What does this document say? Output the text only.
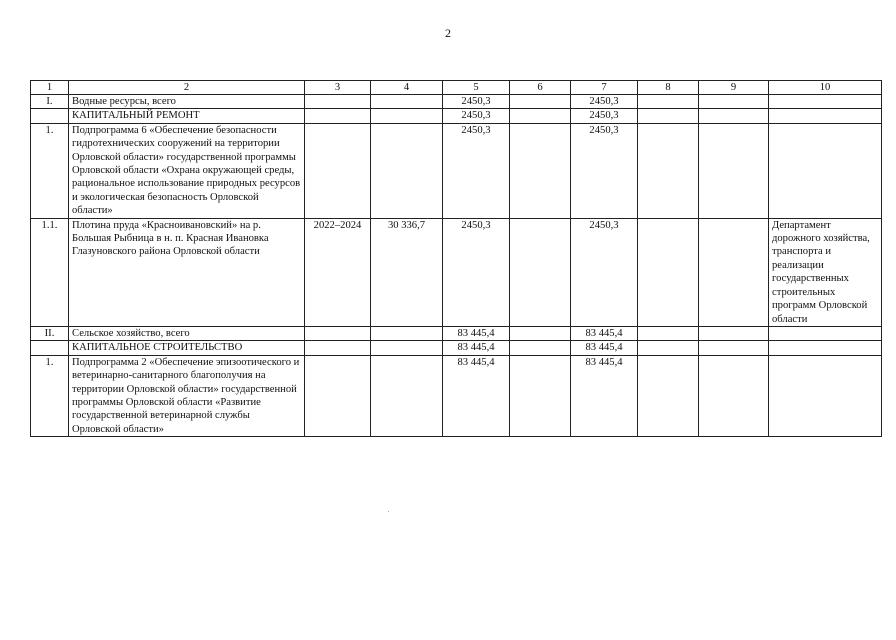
2
1	2	3	4	5	6	7	8	9	10
I.	Водные ресурсы, всего			2450,3		2450,3			
	КАПИТАЛЬНЫЙ РЕМОНТ			2450,3		2450,3			
1.	Подпрограмма 6 «Обеспечение безопасности гидротехнических сооружений на территории Орловской области» государственной программы Орловской области «Охрана окружающей среды, рациональное использование природных ресурсов и экологическая безопасность Орловской области»			2450,3		2450,3			
1.1.	Плотина пруда «Красноивановский» на р. Большая Рыбница в н. п. Красная Ивановка Глазуновского района Орловской области	2022–2024	30 336,7	2450,3		2450,3			Департамент дорожного хозяйства, транспорта и реализации государственных строительных программ Орловской области
II.	Сельское хозяйство, всего			83 445,4		83 445,4			
	КАПИТАЛЬНОЕ СТРОИТЕЛЬСТВО			83 445,4		83 445,4			
1.	Подпрограмма 2 «Обеспечение эпизоотического и ветеринарно-санитарного благополучия на территории Орловской области» государственной программы Орловской области «Развитие государственной ветеринарной службы Орловской области»			83 445,4		83 445,4			
